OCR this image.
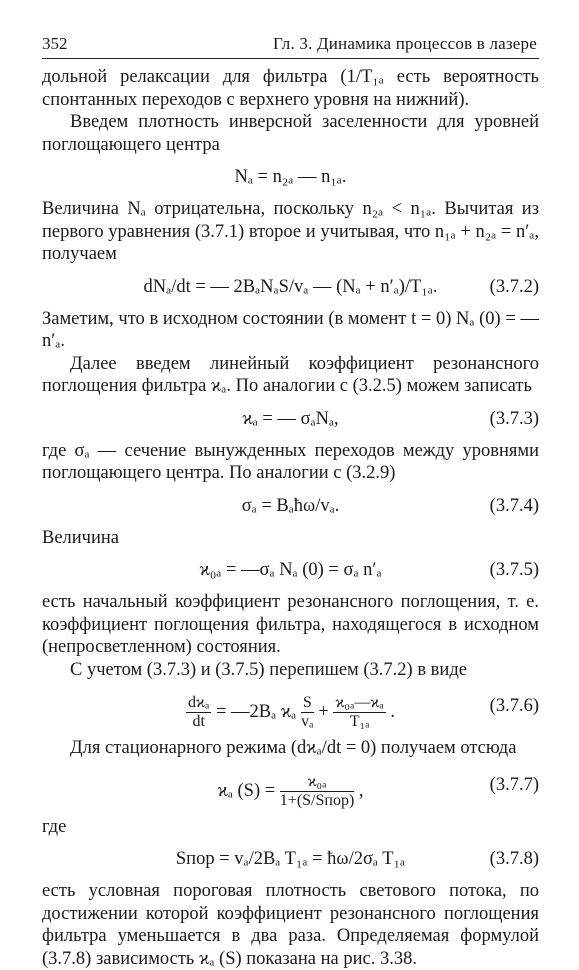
352	Гл. 3. Динамика процессов в лазере

дольной релаксации для фильтра (1/T₁ₐ есть вероятность спонтанных переходов с верхнего уровня на нижний).

Введем плотность инверсной заселенности для уровней поглощающего центра

Nₐ = n₂ₐ — n₁ₐ.

Величина Nₐ отрицательна, поскольку n₂ₐ < n₁ₐ. Вычитая из первого уравнения (3.7.1) второе и учитывая, что n₁ₐ + n₂ₐ = n′ₐ, получаем

dNₐ/dt = — 2BₐNₐS/vₐ — (Nₐ + n′ₐ)/T₁ₐ.	(3.7.2)

Заметим, что в исходном состоянии (в момент t = 0) Nₐ (0) = — n′ₐ.

Далее введем линейный коэффициент резонансного поглощения фильтра ϰₐ. По аналогии с (3.2.5) можем записать

ϰₐ = — σₐNₐ,	(3.7.3)

где σₐ — сечение вынужденных переходов между уровнями поглощающего центра. По аналогии с (3.2.9)

σₐ = Bₐħω/vₐ.	(3.7.4)

Величина

ϰ₀ₐ = —σₐ Nₐ (0) = σₐ n′ₐ	(3.7.5)

есть начальный коэффициент резонансного поглощения, т. е. коэффициент поглощения фильтра, находящегося в исходном (непросветленном) состояния.

С учетом (3.7.3) и (3.7.5) перепишем (3.7.2) в виде

$\frac{\text{dϰₐ}}{dt}$ = —2Bₐ ϰₐ $\frac{S}{\text{vₐ}} + \frac{\text{ϰ₀ₐ—ϰₐ}}{\text{T₁ₐ}}$ .	(3.7.6)

Для стационарного режима (dϰₐ/dt = 0) получаем отсюда

ϰₐ $(S) = \frac{\text{ϰ₀ₐ}}{\text{1+(S/Sпор)}}$ ,	(3.7.7)

где

Sпор = vₐ/2Bₐ T₁ₐ = ħω/2σₐ T₁ₐ	(3.7.8)

есть условная пороговая плотность светового потока, по достижении которой коэффициент резонансного поглощения фильтра уменьшается в два раза. Определяемая формулой (3.7.8) зависимость ϰₐ (S) показана на рис. 3.38.
